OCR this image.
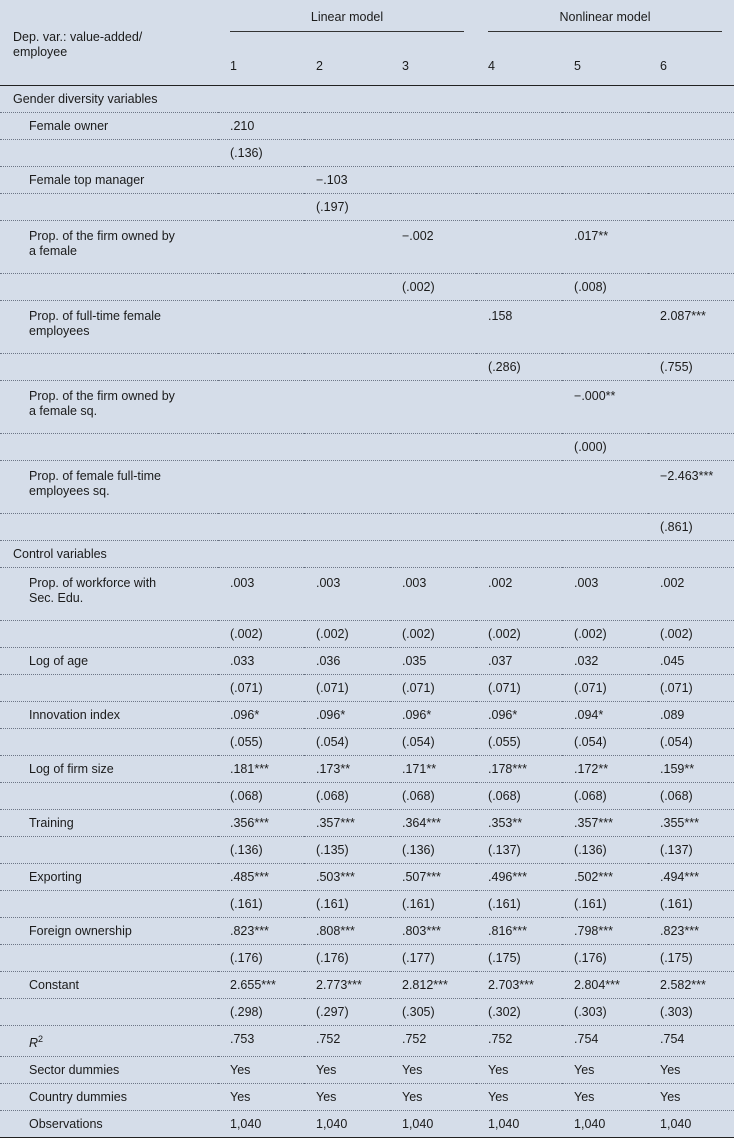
Dep. var.: value-added/
employee	Linear model			Nonlinear model		

	1	2	3	4	5	6
Gender diversity variables						
Female owner	.210					
	(.136)					
Female top manager		−.103				
		(.197)				

Prop. of the firm owned by
a female			−.002		.017**	
			(.002)		(.008)	

Prop. of full-time female
employees				.158		2.087***
				(.286)		(.755)

Prop. of the firm owned by
a female sq.					−.000**	
					(.000)	

Prop. of female full-time
employees sq.						−2.463***
						(.861)
Control variables						

Prop. of workforce with
Sec. Edu.	.003	.003	.003	.002	.003	.002
	(.002)	(.002)	(.002)	(.002)	(.002)	(.002)
Log of age	.033	.036	.035	.037	.032	.045
	(.071)	(.071)	(.071)	(.071)	(.071)	(.071)
Innovation index	.096*	.096*	.096*	.096*	.094*	.089
	(.055)	(.054)	(.054)	(.055)	(.054)	(.054)
Log of firm size	.181***	.173**	.171**	.178***	.172**	.159**
	(.068)	(.068)	(.068)	(.068)	(.068)	(.068)
Training	.356***	.357***	.364***	.353**	.357***	.355***
	(.136)	(.135)	(.136)	(.137)	(.136)	(.137)
Exporting	.485***	.503***	.507***	.496***	.502***	.494***
	(.161)	(.161)	(.161)	(.161)	(.161)	(.161)
Foreign ownership	.823***	.808***	.803***	.816***	.798***	.823***
	(.176)	(.176)	(.177)	(.175)	(.176)	(.175)
Constant	2.655***	2.773***	2.812***	2.703***	2.804***	2.582***
	(.298)	(.297)	(.305)	(.302)	(.303)	(.303)
$R^2$	.753	.752	.752	.752	.754	.754
Sector dummies	Yes	Yes	Yes	Yes	Yes	Yes
Country dummies	Yes	Yes	Yes	Yes	Yes	Yes
Observations	1,040	1,040	1,040	1,040	1,040	1,040
